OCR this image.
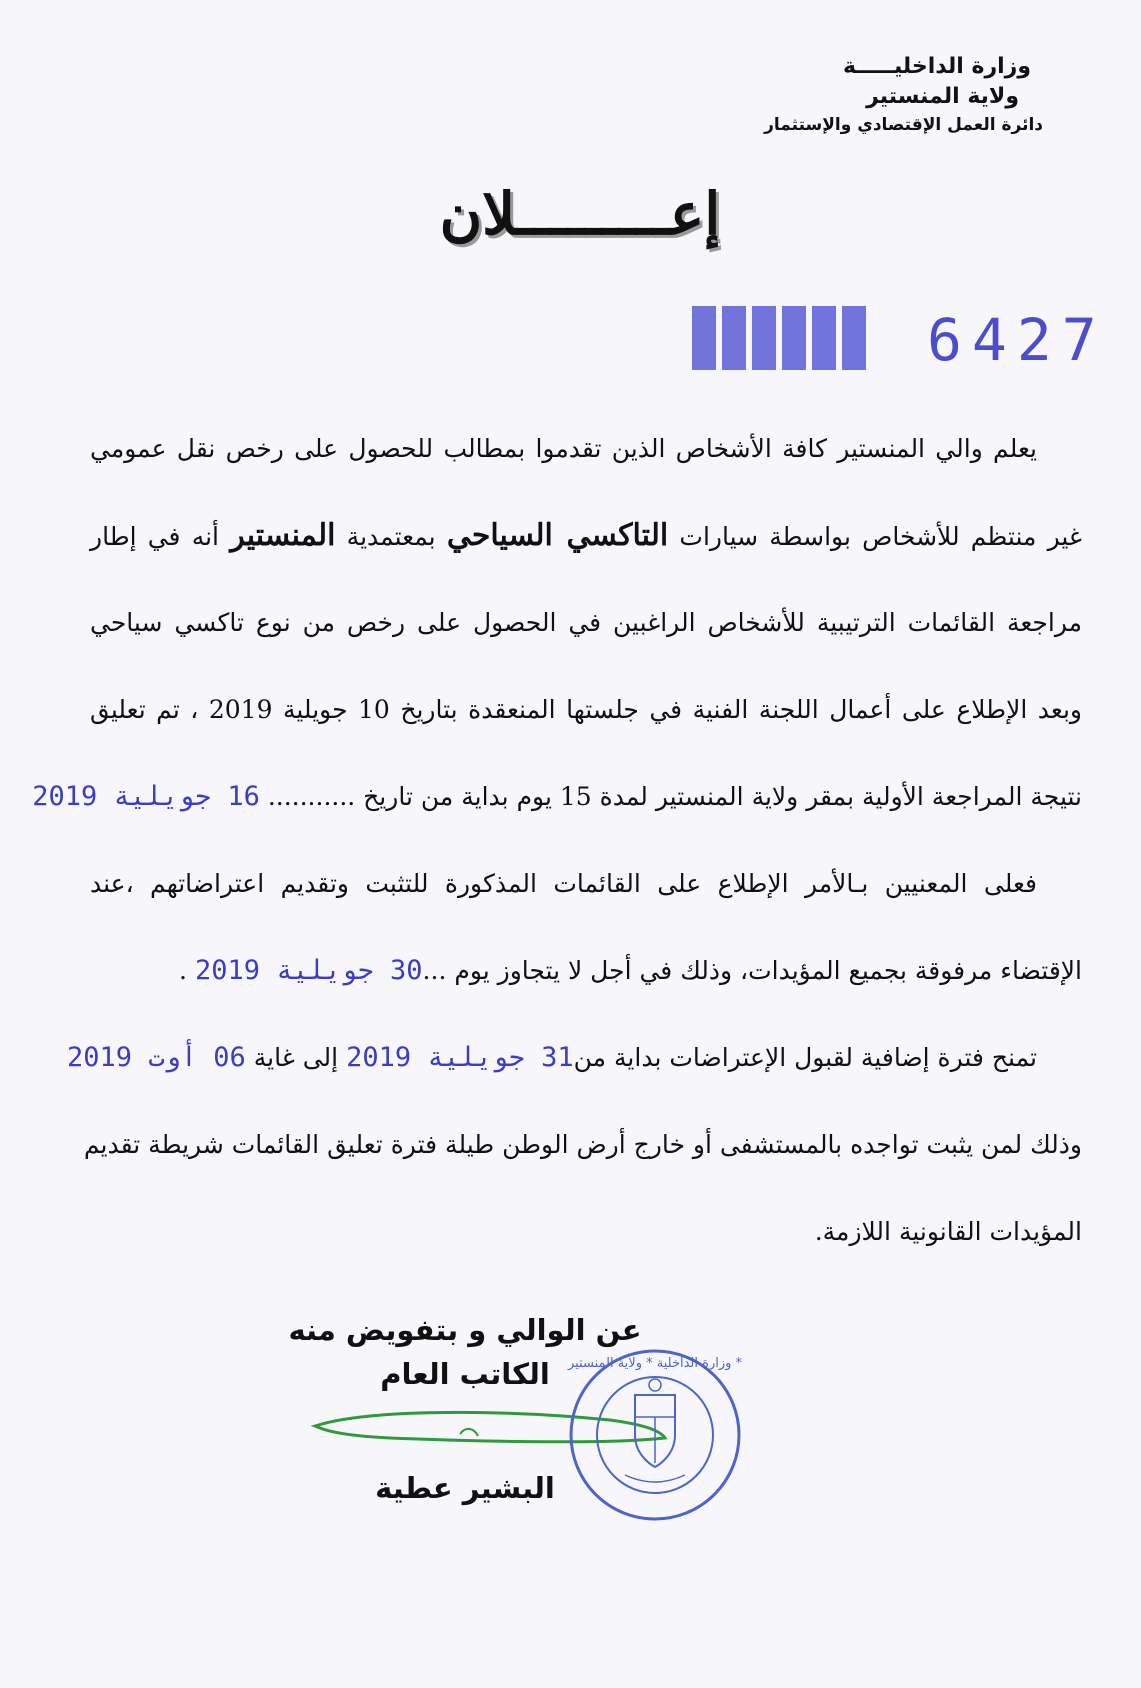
وزارة الداخليـــــة
ولاية المنستير
دائرة العمل الإقتصادي والإستثمار
إعـــــــــلان
6427

يعلم والي المنستير كافة الأشخاص الذين تقدموا بمطالب للحصول على رخص نقل عمومي

غير منتظم للأشخاص بواسطة سيارات التاكسي السياحي بمعتمدية المنستير أنه في إطار

مراجعة القائمات الترتيبية للأشخاص الراغبين في الحصول على رخص من نوع تاكسي سياحي

وبعد الإطلاع على أعمال اللجنة الفنية في جلستها المنعقدة بتاريخ 10 جويلية 2019 ، تم تعليق

نتيجة المراجعة الأولية بمقر ولاية المنستير لمدة 15 يوم بداية من تاريخ ........... 16 جويلية 2019

فعلى المعنيين بـالأمر الإطلاع على القائمات المذكورة للتثبت وتقديم اعتراضاتهم ،عند

الإقتضاء مرفوقة بجميع المؤيدات، وذلك في أجل لا يتجاوز يوم ...30 جويلية 2019 .

تمنح فترة إضافية لقبول الإعتراضات بداية من31 جويلية 2019 إلى غاية 06 أوت 2019

وذلك لمن يثبت تواجده بالمستشفى أو خارج أرض الوطن طيلة فترة تعليق القائمات شريطة تقديم

المؤيدات القانونية اللازمة.

عن الوالي و بتفويض منه
الكاتب العام
البشير عطية
وزارة الداخلية * ولاية المنستير *
